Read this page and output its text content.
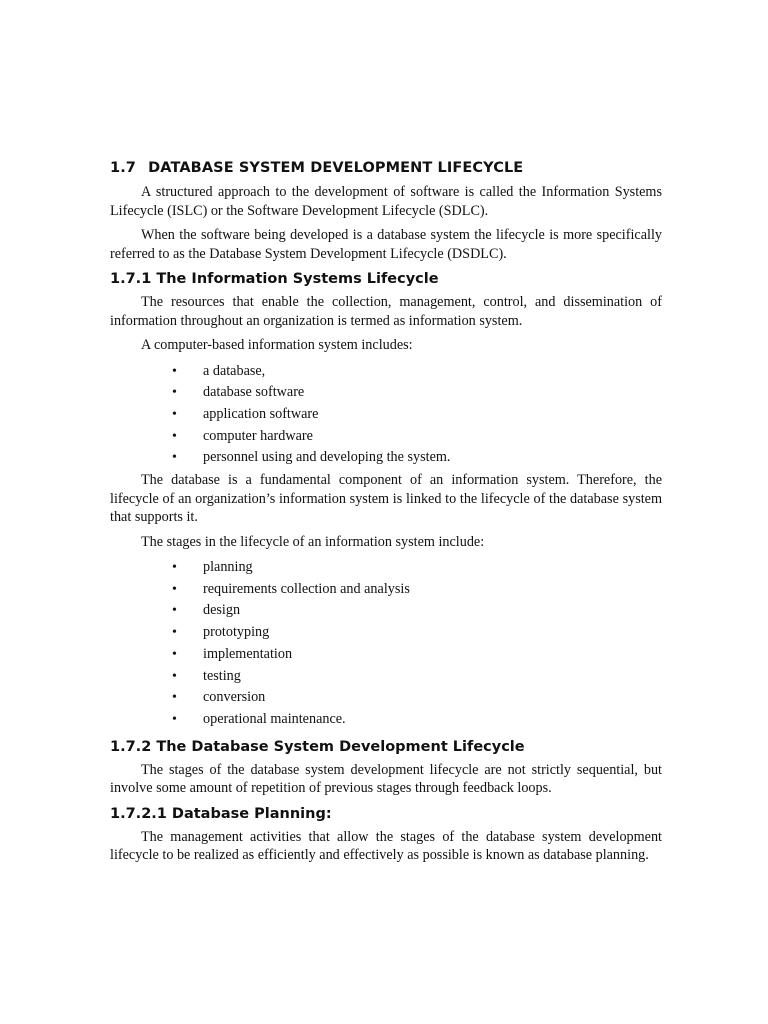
1.7 DATABASE SYSTEM DEVELOPMENT LIFECYCLE

A structured approach to the development of software is called the Information Systems Lifecycle (ISLC) or the Software Development Lifecycle (SDLC).

When the software being developed is a database system the lifecycle is more specifically referred to as the Database System Development Lifecycle (DSDLC).

1.7.1 The Information Systems Lifecycle

The resources that enable the collection, management, control, and dissemination of information throughout an organization is termed as information system.

A computer-based information system includes:

• a database,
• database software
• application software
• computer hardware
• personnel using and developing the system.

The database is a fundamental component of an information system. Therefore, the lifecycle of an organization’s information system is linked to the lifecycle of the database system that supports it.

The stages in the lifecycle of an information system include:

• planning
• requirements collection and analysis
• design
• prototyping
• implementation
• testing
• conversion
• operational maintenance.
1.7.2 The Database System Development Lifecycle

The stages of the database system development lifecycle are not strictly sequential, but involve some amount of repetition of previous stages through feedback loops.

1.7.2.1 Database Planning:

The management activities that allow the stages of the database system development lifecycle to be realized as efficiently and effectively as possible is known as database planning.
